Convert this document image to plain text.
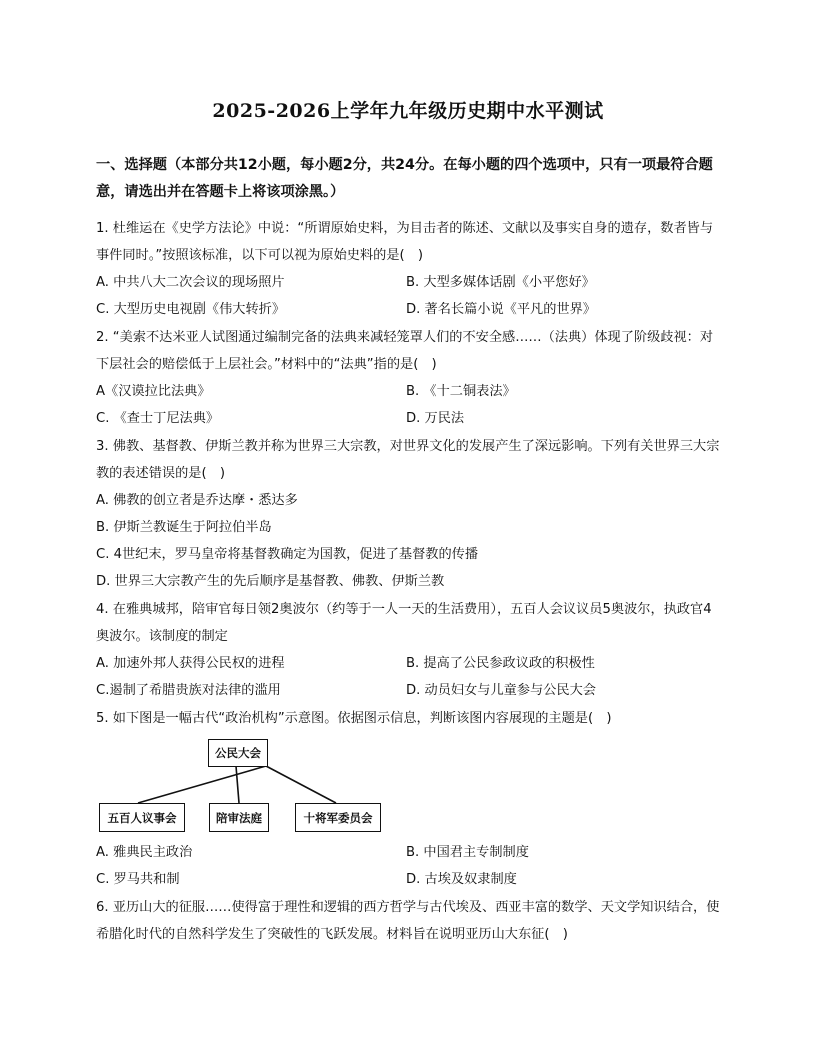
2025-2026上学年九年级历史期中水平测试
一、选择题（本部分共12小题，每小题2分，共24分。在每小题的四个选项中，只有一项最符合题意，请选出并在答题卡上将该项涂黑。）
1. 杜维运在《史学方法论》中说：“所谓原始史料，为目击者的陈述、文献以及事实自身的遗存，数者皆与事件同时。”按照该标准，以下可以视为原始史料的是(　)
A. 中共八大二次会议的现场照片	B. 大型多媒体话剧《小平您好》
C. 大型历史电视剧《伟大转折》	D. 著名长篇小说《平凡的世界》
2. “美索不达米亚人试图通过编制完备的法典来减轻笼罩人们的不安全感……（法典）体现了阶级歧视：对下层社会的赔偿低于上层社会。”材料中的“法典”指的是(　)
A《汉谟拉比法典》	B. 《十二铜表法》
C. 《查士丁尼法典》	D. 万民法
3. 佛教、基督教、伊斯兰教并称为世界三大宗教，对世界文化的发展产生了深远影响。下列有关世界三大宗教的表述错误的是(　)
A. 佛教的创立者是乔达摩・悉达多
B. 伊斯兰教诞生于阿拉伯半岛
C. 4世纪末，罗马皇帝将基督教确定为国教，促进了基督教的传播
D. 世界三大宗教产生的先后顺序是基督教、佛教、伊斯兰教
4. 在雅典城邦，陪审官每日领2奥波尔（约等于一人一天的生活费用），五百人会议议员5奥波尔，执政官4奥波尔。该制度的制定
A. 加速外邦人获得公民权的进程	B. 提高了公民参政议政的积极性
C.遏制了希腊贵族对法律的滥用	D. 动员妇女与儿童参与公民大会
5. 如下图是一幅古代“政治机构”示意图。依据图示信息，判断该图内容展现的主题是(　)
公民大会
五百人议事会	陪审法庭	十将军委员会
A. 雅典民主政治	B. 中国君主专制制度
C. 罗马共和制	D. 古埃及奴隶制度
6. 亚历山大的征服……使得富于理性和逻辑的西方哲学与古代埃及、西亚丰富的数学、天文学知识结合，使希腊化时代的自然科学发生了突破性的飞跃发展。材料旨在说明亚历山大东征(　)
